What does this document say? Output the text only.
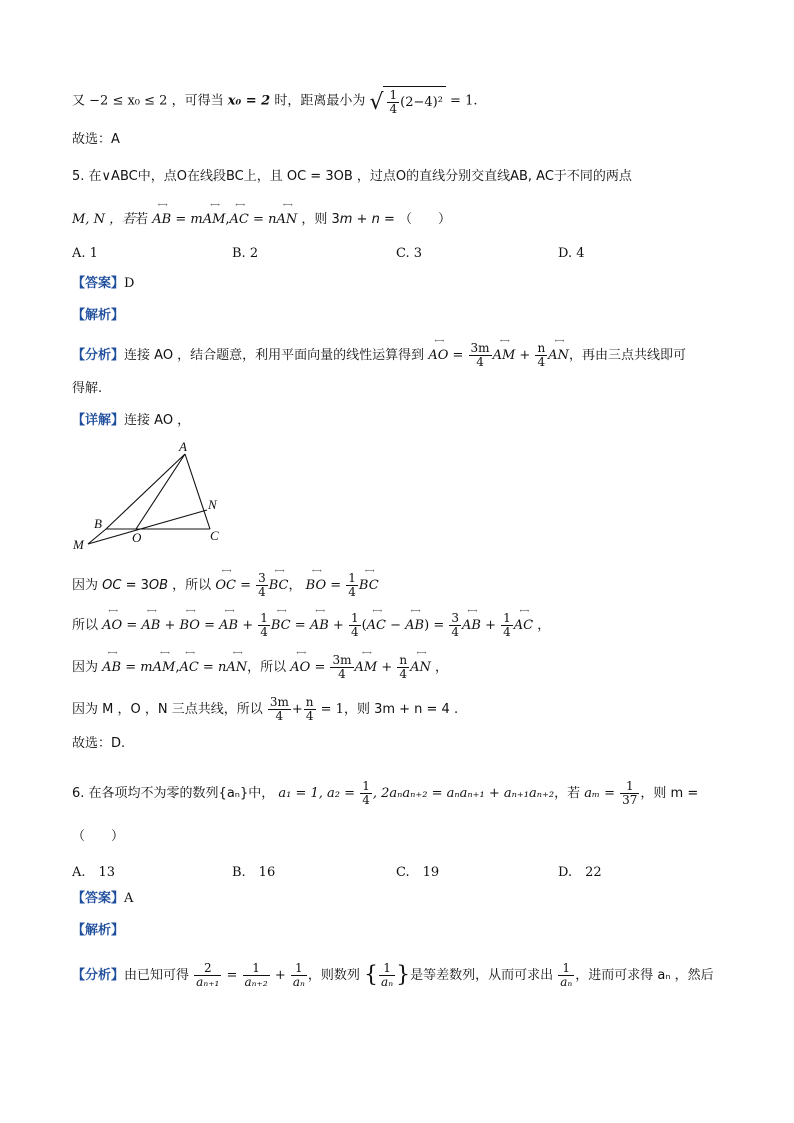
又 −2 ≤ x₀ ≤ 2 ，可得当 x₀ = 2 时，距离最小为 √ $\frac{1}{4} (2-4)^2 = 1$.
故选：A
5. 在∨ABC中，点O在线段BC上，且 OC = 3OB ，过点O的直线分别交直线AB, AC于不同的两点
M, N ，若若 ←→ AB = m←→ AM,←→ AC = n←→ AN ，则 3m + n = （　　）
A. 1	B. 2	C. 3	D. 4
【答案】D
【解析】
【分析】连接 AO ，结合题意，利用平面向量的线性运算得到 ←→ AO = $\frac{3m}{4}$ ←→ AM + $\frac{n}{4}$ ←→ AN，再由三点共线即可
得解.
【详解】连接 AO ，
A
N
B
C
O
M
因为 OC = 3OB ，所以 ←→ OC = $\frac{3}{4}$ ←→ BC， ←→ BO = $\frac{1}{4}$ ←→ BC
所以 ←→ AO = ←→ AB + ←→ BO = ←→ AB + $\frac{1}{4}$ ←→ BC = ←→ AB + $\frac{1}{4}$ (←→ AC − ←→ $AB) = \frac{3}{4}$ ←→ AB + $\frac{1}{4}$ ←→ AC ，
因为 ←→ AB = m←→ AM,←→ AC = n←→ AN，所以 ←→ AO = $\frac{3m}{4}$ ←→ AM + $\frac{n}{4}$ ←→ AN ，
因为 M ，O ，N 三点共线，所以 $\frac{3m}{4} + \frac{n}{4} = 1$，则 3m + n = 4 .
故选：D.
6. 在各项均不为零的数列{aₙ}中， a₁ = 1, $a_2 = \frac{1}{4}$ , 2aₙaₙ₊₂ = aₙaₙ₊₁ + aₙ₊₁aₙ₊₂，若 $a_m = \frac{1}{37}$ ，则 m =
（　　）
A.　13	B.　16	C.　19	D.　22
【答案】A
【解析】
【分析】由已知可得 $\frac{2}{\text{aₙ₊₁}} = \frac{1}{\text{aₙ₊₂}} + \frac{1}{\text{aₙ}}$ ，则数列 { $\frac{1}{\text{aₙ}}$ }是等差数列，从而可求出 $\frac{1}{\text{aₙ}}$ ，进而可求得 aₙ ，然后
